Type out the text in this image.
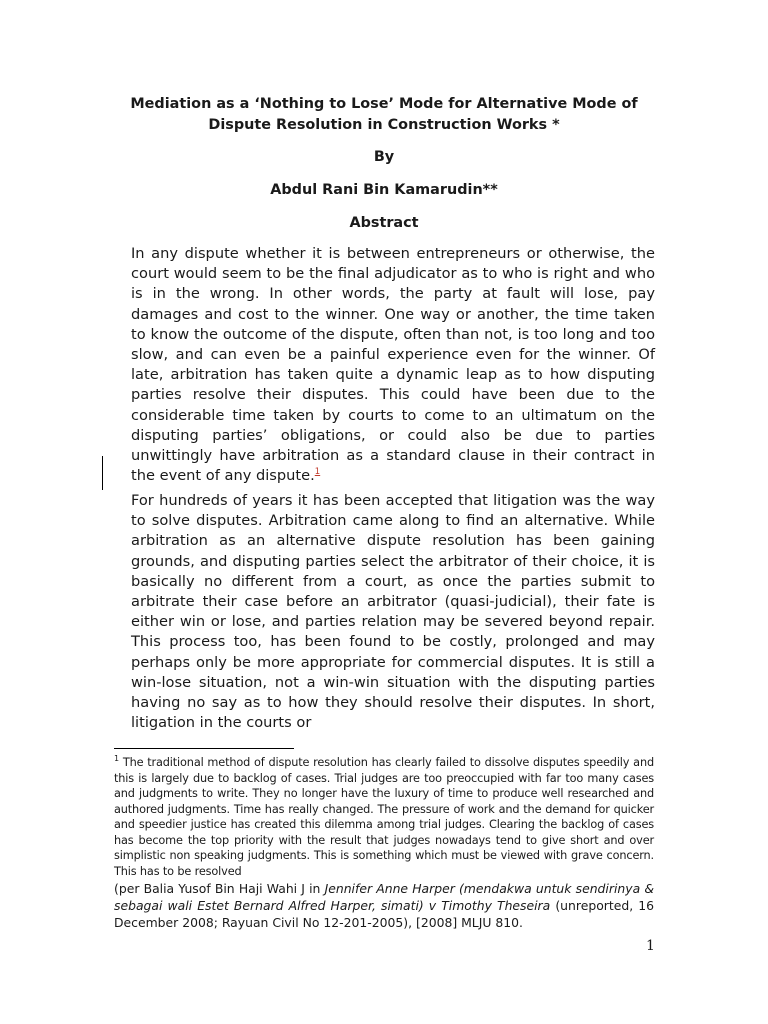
Mediation as a ‘Nothing to Lose’ Mode for Alternative Mode of
Dispute Resolution in Construction Works *
By
Abdul Rani Bin Kamarudin**
Abstract

In any dispute whether it is between entrepreneurs or otherwise, the court would seem to be the final adjudicator as to who is right and who is in the wrong. In other words, the party at fault will lose, pay damages and cost to the winner. One way or another, the time taken to know the outcome of the dispute, often than not, is too long and too slow, and can even be a painful experience even for the winner. Of late, arbitration has taken quite a dynamic leap as to how disputing parties resolve their disputes. This could have been due to the considerable time taken by courts to come to an ultimatum on the disputing parties’ obligations, or could also be due to parties unwittingly have arbitration as a standard clause in their contract in the event of any dispute.$^1$

For hundreds of years it has been accepted that litigation was the way to solve disputes. Arbitration came along to find an alternative. While arbitration as an alternative dispute resolution has been gaining grounds, and disputing parties select the arbitrator of their choice, it is basically no different from a court, as once the parties submit to arbitrate their case before an arbitrator (quasi-judicial), their fate is either win or lose, and parties relation may be severed beyond repair. This process too, has been found to be costly, prolonged and may perhaps only be more appropriate for commercial disputes. It is still a win-lose situation, not a win-win situation with the disputing parties having no say as to how they should resolve their disputes. In short, litigation in the courts or

$^1$ The traditional method of dispute resolution has clearly failed to dissolve disputes speedily and this is largely due to backlog of cases. Trial judges are too preoccupied with far too many cases and judgments to write. They no longer have the luxury of time to produce well researched and authored judgments. Time has really changed. The pressure of work and the demand for quicker and speedier justice has created this dilemma among trial judges. Clearing the backlog of cases has become the top priority with the result that judges nowadays tend to give short and over simplistic non speaking judgments. This is something which must be viewed with grave concern. This has to be resolved

(per Balia Yusof Bin Haji Wahi J in Jennifer Anne Harper (mendakwa untuk sendirinya & sebagai wali Estet Bernard Alfred Harper, simati) v Timothy Theseira (unreported, 16 December 2008; Rayuan Civil No 12-201-2005), [2008] MLJU 810.

1
